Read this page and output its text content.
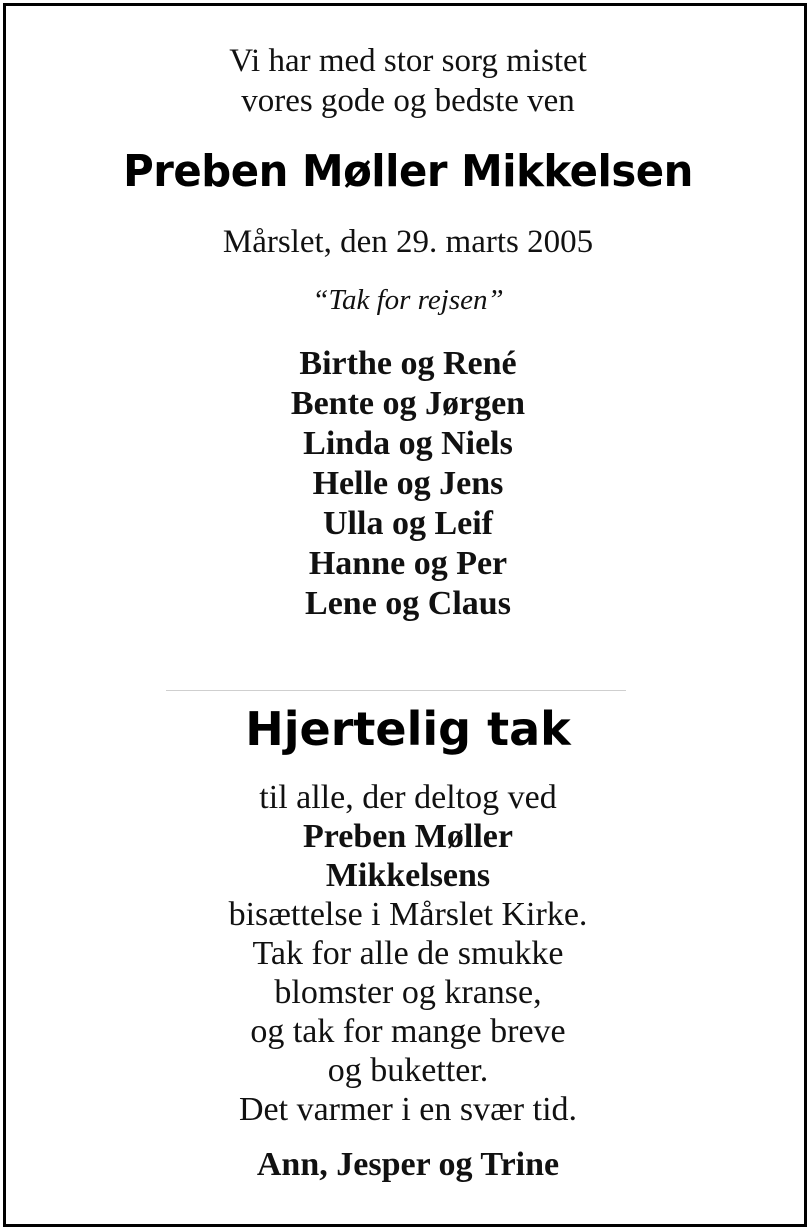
Vi har med stor sorg mistet
vores gode og bedste ven
Preben Møller Mikkelsen
Mårslet, den 29. marts 2005
“Tak for rejsen”
Birthe og René
Bente og Jørgen
Linda og Niels
Helle og Jens
Ulla og Leif
Hanne og Per
Lene og Claus
Hjertelig tak
til alle, der deltog ved
Preben Møller
Mikkelsens
bisættelse i Mårslet Kirke.
Tak for alle de smukke
blomster og kranse,
og tak for mange breve
og buketter.
Det varmer i en svær tid.
Ann, Jesper og Trine
